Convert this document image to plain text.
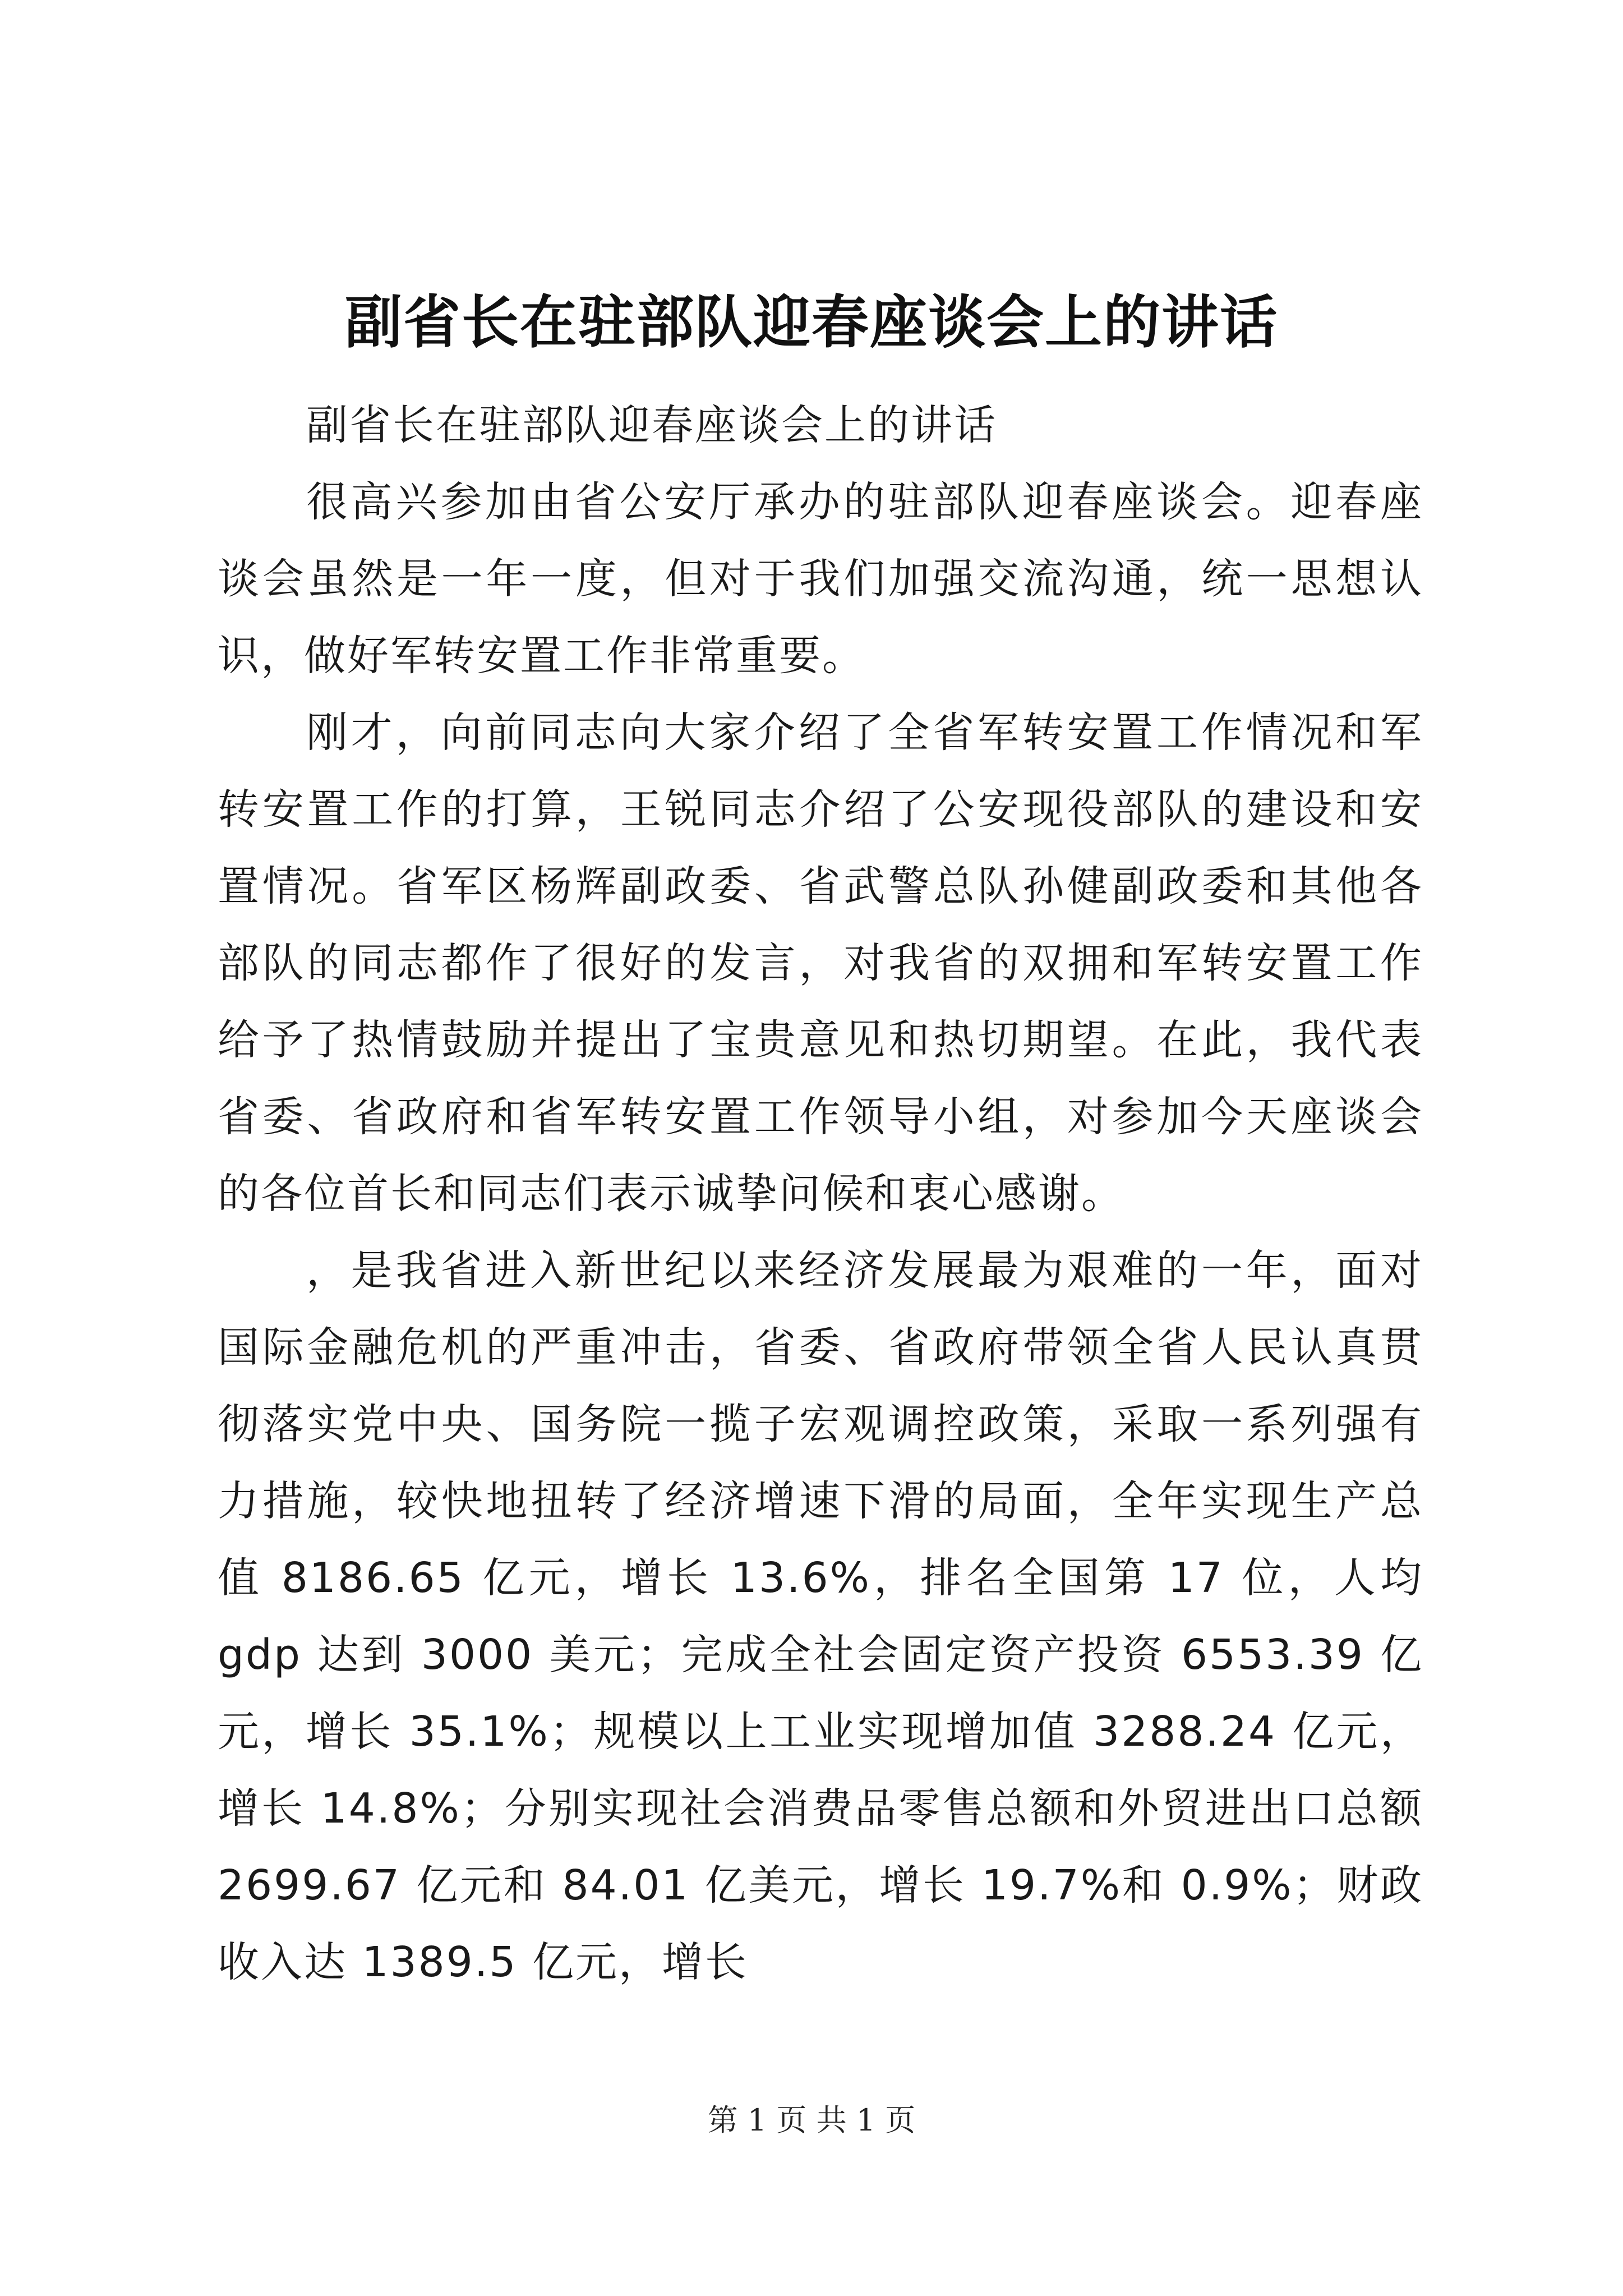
副省长在驻部队迎春座谈会上的讲话

副省长在驻部队迎春座谈会上的讲话

很高兴参加由省公安厅承办的驻部队迎春座谈会。迎春座谈会虽然是一年一度，但对于我们加强交流沟通，统一思想认识，做好军转安置工作非常重要。

刚才，向前同志向大家介绍了全省军转安置工作情况和军转安置工作的打算，王锐同志介绍了公安现役部队的建设和安置情况。省军区杨辉副政委、省武警总队孙健副政委和其他各部队的同志都作了很好的发言，对我省的双拥和军转安置工作给予了热情鼓励并提出了宝贵意见和热切期望。在此，我代表省委、省政府和省军转安置工作领导小组，对参加今天座谈会的各位首长和同志们表示诚挚问候和衷心感谢。

，是我省进入新世纪以来经济发展最为艰难的一年，面对国际金融危机的严重冲击，省委、省政府带领全省人民认真贯彻落实党中央、国务院一揽子宏观调控政策，采取一系列强有力措施，较快地扭转了经济增速下滑的局面，全年实现生产总值 8186.65 亿元，增长 13.6%，排名全国第 17 位，人均 gdp 达到 3000 美元；完成全社会固定资产投资 6553.39 亿元，增长 35.1%；规模以上工业实现增加值 3288.24 亿元，增长 14.8%；分别实现社会消费品零售总额和外贸进出口总额 2699.67 亿元和 84.01 亿美元，增长 19.7%和 0.9%；财政收入达 1389.5 亿元，增长

第 1 页 共 1 页
